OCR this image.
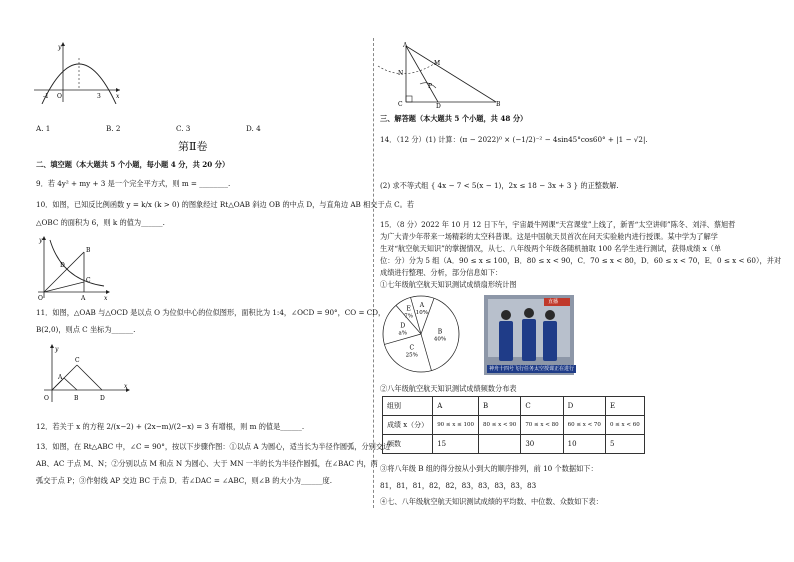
y
x
-1 O	3
A. 1	B. 2	C. 3	D. 4
第Ⅱ卷
二、填空题（本大题共 5 个小题，每小题 4 分，共 20 分）
9．若 4y² + my + 3 是一个完全平方式，则 m = ________.
10．如图，已知反比例函数 y = k/x (k > 0) 的图象经过 Rt△OAB 斜边 OB 的中点 D，与直角边 AB 相交于点 C。若
△OBC 的面积为 6，则 k 的值为______.
y
O	A	x
B
D
C
11．如图，△OAB 与△OCD 是以点 O 为位似中心的位似图形，面积比为 1:4，∠OCD = 90°，CO = CD，
B(2,0)，则点 C 坐标为______.
y
x
O
A
B
C
D
12．若关于 x 的方程 2/(x−2) + (2x−m)/(2−x) = 3 有增根，则 m 的值是______.
13．如图，在 Rt△ABC 中，∠C = 90°，按以下步骤作图：①以点 A 为圆心，适当长为半径作圆弧，分别交边
AB、AC 于点 M、N；②分别以点 M 和点 N 为圆心、大于 MN 一半的长为半径作圆弧，在∠BAC 内，两
弧交于点 P；③作射线 AP 交边 BC 于点 D．若∠DAC = ∠ABC，则∠B 的大小为______度.
A
M
N
P
C	D	B
三、解答题（本大题共 5 个小题，共 48 分）
14．（12 分）(1) 计算：(π − 2022)⁰ × (−1/2)⁻² − 4sin45°cos60° + |1 − √2|.
(2) 求不等式组 { 4x − 7 < 5(x − 1)，2x ≤ 18 − 3x + 3 } 的正整数解.
15．（8 分）2022 年 10 月 12 日下午，宇宙最牛网课“天宫课堂”上线了，新晋“太空讲师”陈冬、刘洋、蔡旭哲
为广大青少年带来一场精彩的太空科普课。这是中国航天员首次在问天实验舱内进行授课。某中学为了解学
生对“航空航天知识”的掌握情况，从七、八年级两个年级各随机抽取 100 名学生进行测试，获得成绩 x（单
位：分）分为 5 组（A．90 ≤ x ≤ 100，B．80 ≤ x < 90，C．70 ≤ x < 80，D．60 ≤ x < 70，E．0 ≤ x < 60），并对
成绩进行整理、分析，部分信息如下：
①七年级航空航天知识测试成绩扇形统计图
B
40%
C
25%
D
a%
E
7%
A
10%
直播
神舟十四号飞行任务太空授课正在进行
②八年级航空航天知识测试成绩频数分布表
组别	A	B	C	D	E
成绩 x（分）	90 ≤ x ≤ 100	80 ≤ x < 90	70 ≤ x < 80	60 ≤ x < 70	0 ≤ x < 60
频数	15		30	10	5
③将八年级 B 组的得分按从小到大的顺序排列，前 10 个数据如下：
81，81，81，82，82，83，83，83，83，83
④七、八年级航空航天知识测试成绩的平均数、中位数、众数如下表：
